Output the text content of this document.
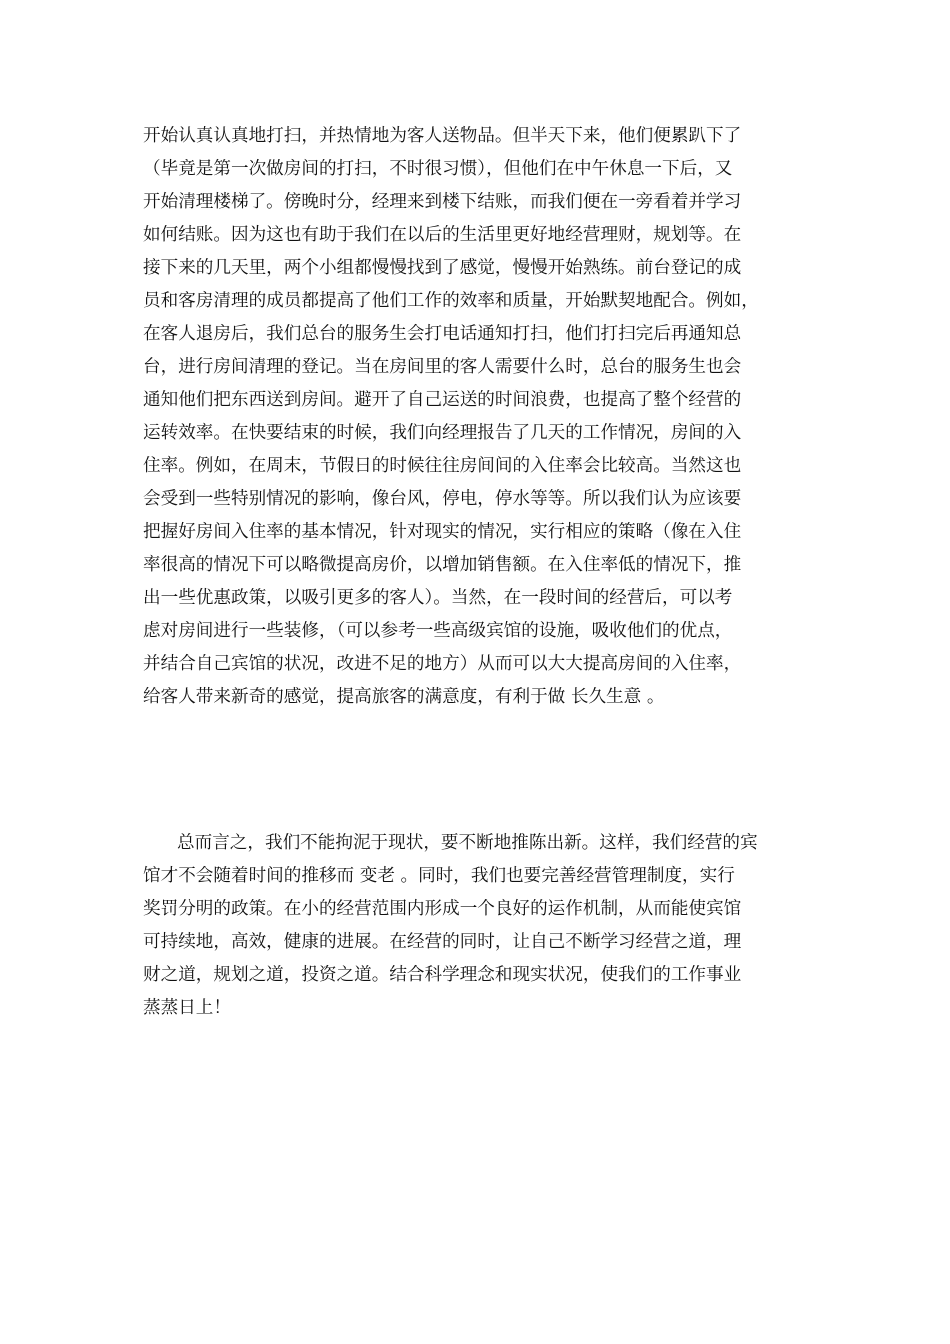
开始认真认真地打扫，并热情地为客人送物品。但半天下来，他们便累趴下了
（毕竟是第一次做房间的打扫，不时很习惯），但他们在中午休息一下后，又
开始清理楼梯了。傍晚时分，经理来到楼下结账，而我们便在一旁看着并学习
如何结账。因为这也有助于我们在以后的生活里更好地经营理财，规划等。在
接下来的几天里，两个小组都慢慢找到了感觉，慢慢开始熟练。前台登记的成
员和客房清理的成员都提高了他们工作的效率和质量，开始默契地配合。例如，
在客人退房后，我们总台的服务生会打电话通知打扫，他们打扫完后再通知总
台，进行房间清理的登记。当在房间里的客人需要什么时，总台的服务生也会
通知他们把东西送到房间。避开了自己运送的时间浪费，也提高了整个经营的
运转效率。在快要结束的时候，我们向经理报告了几天的工作情况，房间的入
住率。例如，在周末，节假日的时候往往房间间的入住率会比较高。当然这也
会受到一些特别情况的影响，像台风，停电，停水等等。所以我们认为应该要
把握好房间入住率的基本情况，针对现实的情况，实行相应的策略（像在入住
率很高的情况下可以略微提高房价，以增加销售额。在入住率低的情况下，推
出一些优惠政策，以吸引更多的客人）。当然，在一段时间的经营后，可以考
虑对房间进行一些装修，（可以参考一些高级宾馆的设施，吸收他们的优点，
并结合自己宾馆的状况，改进不足的地方）从而可以大大提高房间的入住率，
给客人带来新奇的感觉，提高旅客的满意度，有利于做 长久生意 。
总而言之，我们不能拘泥于现状，要不断地推陈出新。这样，我们经营的宾
馆才不会随着时间的推移而 变老 。同时，我们也要完善经营管理制度，实行
奖罚分明的政策。在小的经营范围内形成一个良好的运作机制，从而能使宾馆
可持续地，高效，健康的进展。在经营的同时，让自己不断学习经营之道，理
财之道，规划之道，投资之道。结合科学理念和现实状况，使我们的工作事业
蒸蒸日上！
